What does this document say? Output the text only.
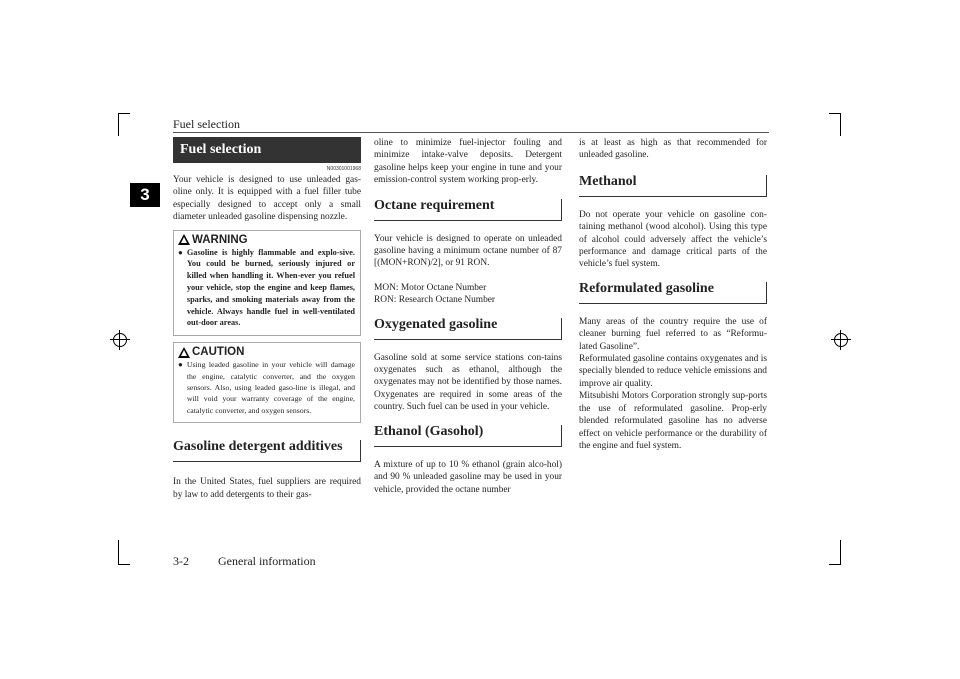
Fuel selection
3
Fuel selection
N00301001968

Your vehicle is designed to use unleaded gas-oline only. It is equipped with a fuel filler tube especially designed to accept only a small diameter unleaded gasoline dispensing nozzle.

WARNING
● Gasoline is highly flammable and explo-sive. You could be burned, seriously injured or killed when handling it. When-ever you refuel your vehicle, stop the engine and keep flames, sparks, and smoking materials away from the vehicle. Always handle fuel in well-ventilated out-door areas.

CAUTION
● Using leaded gasoline in your vehicle will damage the engine, catalytic converter, and the oxygen sensors. Also, using leaded gaso-line is illegal, and will void your warranty coverage of the engine, catalytic converter, and oxygen sensors.

Gasoline detergent additives

In the United States, fuel suppliers are required by law to add detergents to their gas-

oline to minimize fuel-injector fouling and minimize intake-valve deposits. Detergent gasoline helps keep your engine in tune and your emission-control system working prop-erly.

Octane requirement

Your vehicle is designed to operate on unleaded gasoline having a minimum octane number of 87 [(MON+RON)/2], or 91 RON.

MON: Motor Octane Number

RON: Research Octane Number

Oxygenated gasoline

Gasoline sold at some service stations con-tains oxygenates such as ethanol, although the oxygenates may not be identified by those names. Oxygenates are required in some areas of the country. Such fuel can be used in your vehicle.

Ethanol (Gasohol)

A mixture of up to 10 % ethanol (grain alco-hol) and 90 % unleaded gasoline may be used in your vehicle, provided the octane number

is at least as high as that recommended for unleaded gasoline.

Methanol

Do not operate your vehicle on gasoline con-taining methanol (wood alcohol). Using this type of alcohol could adversely affect the vehicle’s performance and damage critical parts of the vehicle’s fuel system.

Reformulated gasoline

Many areas of the country require the use of cleaner burning fuel referred to as “Reformu-lated Gasoline”.

Reformulated gasoline contains oxygenates and is specially blended to reduce vehicle emissions and improve air quality.

Mitsubishi Motors Corporation strongly sup-ports the use of reformulated gasoline. Prop-erly blended reformulated gasoline has no adverse effect on vehicle performance or the durability of the engine and fuel system.

3-2 General information
